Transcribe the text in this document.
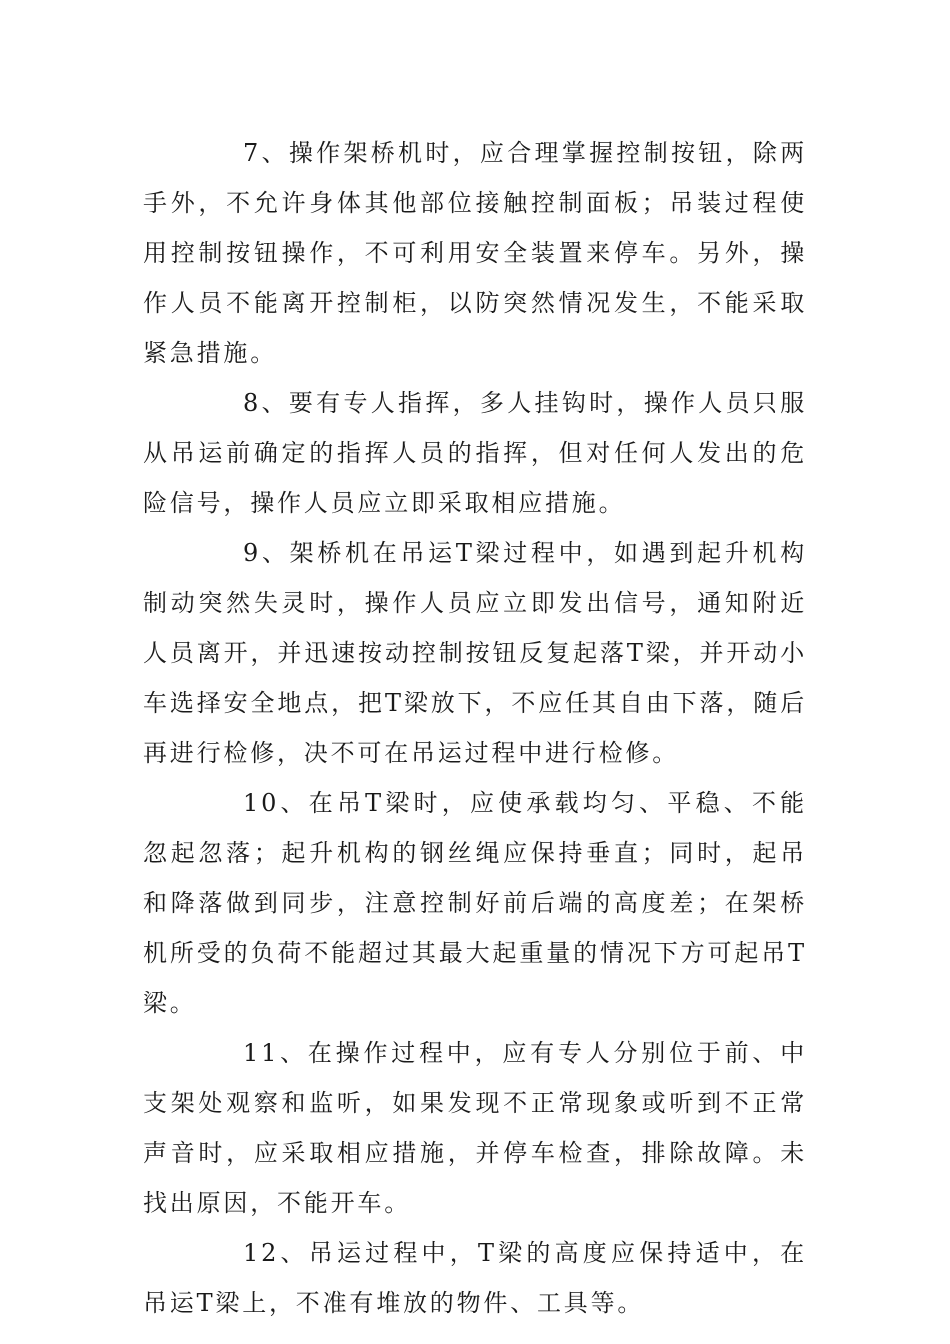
7、操作架桥机时，应合理掌握控制按钮，除两手外，不允许身体其他部位接触控制面板；吊装过程使用控制按钮操作，不可利用安全装置来停车。另外，操作人员不能离开控制柜，以防突然情况发生，不能采取紧急措施。

8、要有专人指挥，多人挂钩时，操作人员只服从吊运前确定的指挥人员的指挥，但对任何人发出的危险信号，操作人员应立即采取相应措施。

9、架桥机在吊运T梁过程中，如遇到起升机构制动突然失灵时，操作人员应立即发出信号，通知附近人员离开，并迅速按动控制按钮反复起落T梁，并开动小车选择安全地点，把T梁放下，不应任其自由下落，随后再进行检修，决不可在吊运过程中进行检修。

10、在吊T梁时，应使承载均匀、平稳、不能忽起忽落；起升机构的钢丝绳应保持垂直；同时，起吊和降落做到同步，注意控制好前后端的高度差；在架桥机所受的负荷不能超过其最大起重量的情况下方可起吊T梁。

11、在操作过程中，应有专人分别位于前、中支架处观察和监听，如果发现不正常现象或听到不正常声音时，应采取相应措施，并停车检查，排除故障。未找出原因，不能开车。

12、吊运过程中，T梁的高度应保持适中，在吊运T梁上，不准有堆放的物件、工具等。
